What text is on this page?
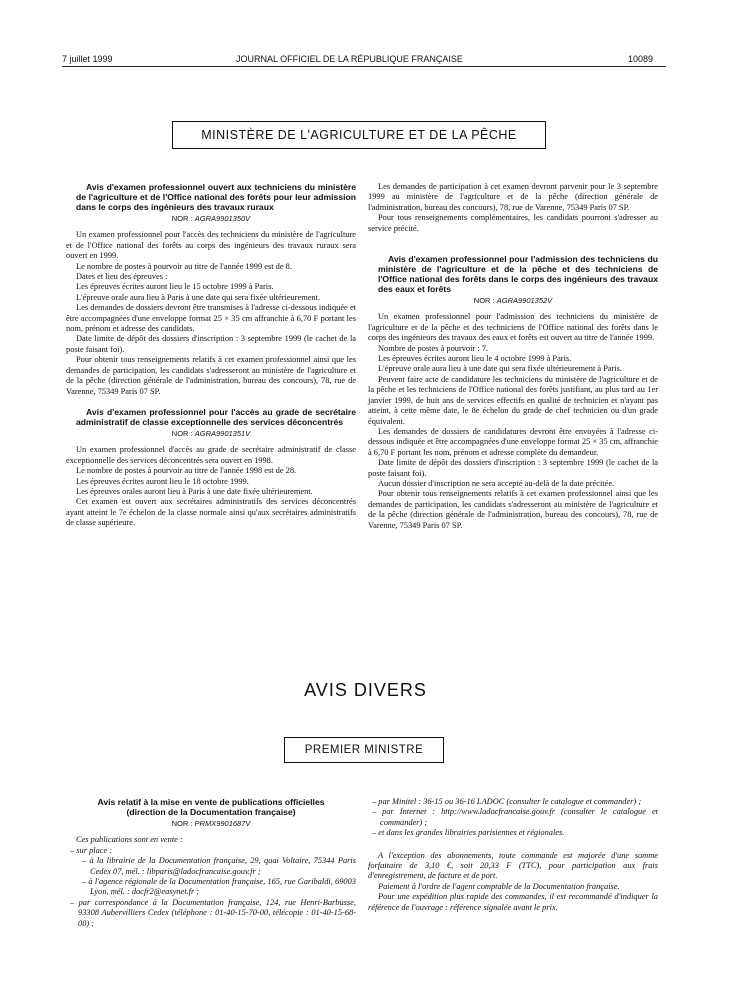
7 juillet 1999	JOURNAL OFFICIEL DE LA RÉPUBLIQUE FRANÇAISE	10089
MINISTÈRE DE L'AGRICULTURE ET DE LA PÊCHE

Avis d'examen professionnel ouvert aux techniciens du ministère de l'agriculture et de l'Office national des forêts pour leur admission dans le corps des ingénieurs des travaux ruraux

NOR : AGRA9901350V

Un examen professionnel pour l'accès des techniciens du ministère de l'agriculture et de l'Office national des forêts au corps des ingénieurs des travaux ruraux sera ouvert en 1999.

Le nombre de postes à pourvoir au titre de l'année 1999 est de 8.

Dates et lieu des épreuves :

Les épreuves écrites auront lieu le 15 octobre 1999 à Paris.

L'épreuve orale aura lieu à Paris à une date qui sera fixée ultérieurement.

Les demandes de dossiers devront être transmises à l'adresse ci-dessous indiquée et être accompagnées d'une enveloppe format 25 × 35 cm affranchie à 6,70 F portant les nom, prénom et adresse des candidats.

Date limite de dépôt des dossiers d'inscription : 3 septembre 1999 (le cachet de la poste faisant foi).

Pour obtenir tous renseignements relatifs à cet examen professionnel ainsi que les demandes de participation, les candidats s'adresseront au ministère de l'agriculture et de la pêche (direction générale de l'administration, bureau des concours), 78, rue de Varenne, 75349 Paris 07 SP.

Avis d'examen professionnel pour l'accès au grade de secrétaire administratif de classe exceptionnelle des services déconcentrés

NOR : AGRA9901351V

Un examen professionnel d'accès au grade de secrétaire administratif de classe exceptionnelle des services déconcentrés sera ouvert en 1998.

Le nombre de postes à pourvoir au titre de l'année 1998 est de 28.

Les épreuves écrites auront lieu le 18 octobre 1999.

Les épreuves orales auront lieu à Paris à une date fixée ultérieurement.

Cet examen est ouvert aux secrétaires administratifs des services déconcentrés ayant atteint le 7e échelon de la classe normale ainsi qu'aux secrétaires administratifs de classe supérieure.

Les demandes de participation à cet examen devront parvenir pour le 3 septembre 1999 au ministère de l'agriculture et de la pêche (direction générale de l'administration, bureau des concours), 78, rue de Varenne, 75349 Paris 07 SP.

Pour tous renseignements complémentaires, les candidats pourront s'adresser au service précité.

Avis d'examen professionnel pour l'admission des techniciens du ministère de l'agriculture et de la pêche et des techniciens de l'Office national des forêts dans le corps des ingénieurs des travaux des eaux et forêts

NOR : AGRA9901352V

Un examen professionnel pour l'admission des techniciens du ministère de l'agriculture et de la pêche et des techniciens de l'Office national des forêts dans le corps des ingénieurs des travaux des eaux et forêts est ouvert au titre de l'année 1999.

Nombre de postes à pourvoir : 7.

Les épreuves écrites auront lieu le 4 octobre 1999 à Paris.

L'épreuve orale aura lieu à une date qui sera fixée ultérieurement à Paris.

Peuvent faire acte de candidature les techniciens du ministère de l'agriculture et de la pêche et les techniciens de l'Office national des forêts justifiant, au plus tard au 1er janvier 1999, de huit ans de services effectifs en qualité de technicien et n'ayant pas atteint, à cette même date, le 8e échelon du grade de chef technicien ou d'un grade équivalent.

Les demandes de dossiers de candidatures devront être envoyées à l'adresse ci-dessous indiquée et être accompagnées d'une enveloppe format 25 × 35 cm, affranchie à 6,70 F portant les nom, prénom et adresse complète du demandeur.

Date limite de dépôt des dossiers d'inscription : 3 septembre 1999 (le cachet de la poste faisant foi).

Aucun dossier d'inscription ne sera accepté au-delà de la date précitée.

Pour obtenir tous renseignements relatifs à cet examen professionnel ainsi que les demandes de participation, les candidats s'adresseront au ministère de l'agriculture et de la pêche (direction générale de l'administration, bureau des concours), 78, rue de Varenne, 75349 Paris 07 SP.

AVIS DIVERS
PREMIER MINISTRE
Avis relatif à la mise en vente de publications officielles
(direction de la Documentation française)
NOR : PRMX9901687V

Ces publications sont en vente :

– sur place :

– à la librairie de la Documentation française, 29, quai Voltaire, 75344 Paris Cedex 07, mél. : libparis@ladocfrancaise.gouv.fr ;

– à l'agence régionale de la Documentation française, 165, rue Garibaldi, 69003 Lyon, mél. : docfr2@easynet.fr ;

– par correspondance à la Documentation française, 124, rue Henri-Barbusse, 93308 Aubervilliers Cedex (téléphone : 01-40-15-70-00, télécopie : 01-40-15-68-00) ;

– par Minitel : 36-15 ou 36-16 LADOC (consulter le catalogue et commander) ;

– par Internet : http://www.ladocfrancaise.gouv.fr (consulter le catalogue et commander) ;

– et dans les grandes librairies parisiennes et régionales.

A l'exception des abonnements, toute commande est majorée d'une somme forfaitaire de 3,10 €, soit 20,33 F (TTC), pour participation aux frais d'enregistrement, de facture et de port.

Paiement à l'ordre de l'agent comptable de la Documentation française.

Pour une expédition plus rapide des commandes, il est recommandé d'indiquer la référence de l'ouvrage : référence signalée avant le prix.
